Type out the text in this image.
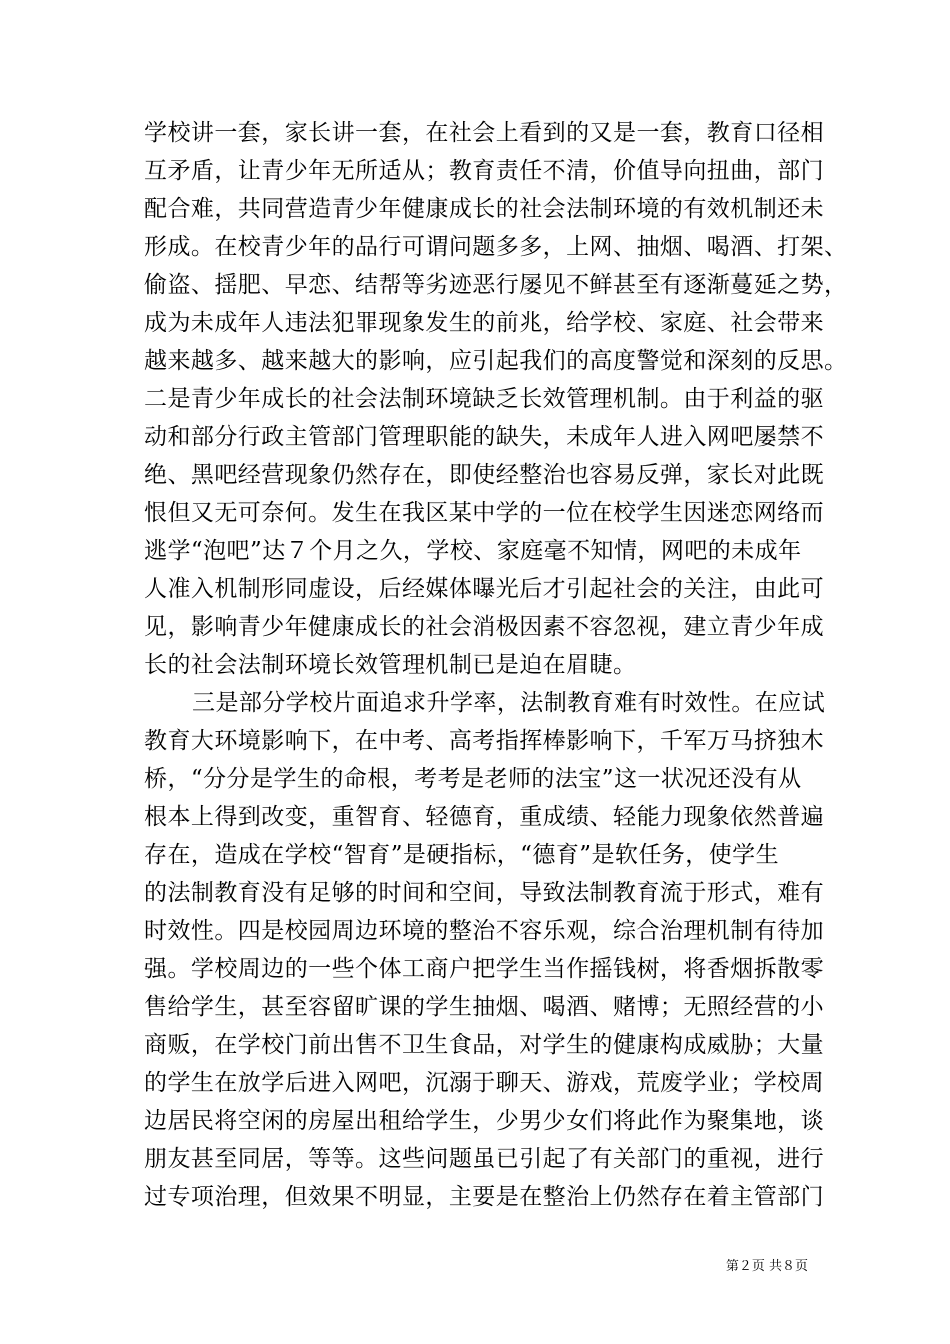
学校讲一套，家长讲一套，在社会上看到的又是一套，教育口径相
互矛盾，让青少年无所适从；教育责任不清，价值导向扭曲，部门
配合难，共同营造青少年健康成长的社会法制环境的有效机制还未
形成。在校青少年的品行可谓问题多多，上网、抽烟、喝酒、打架、
偷盗、揺肥、早恋、结帮等劣迹恶行屡见不鲜甚至有逐渐蔓延之势，
成为未成年人违法犯罪现象发生的前兆，给学校、家庭、社会带来
越来越多、越来越大的影响，应引起我们的高度警觉和深刻的反思。
二是青少年成长的社会法制环境缺乏长效管理机制。由于利益的驱
动和部分行政主管部门管理职能的缺失，未成年人进入网吧屡禁不
绝、黑吧经营现象仍然存在，即使经整治也容易反弹，家长对此既
恨但又无可奈何。发生在我区某中学的一位在校学生因迷恋网络而
逃学“泡吧”达７个月之久，学校、家庭毫不知情，网吧的未成年
人准入机制形同虚设，后经媒体曝光后才引起社会的关注，由此可
见，影响青少年健康成长的社会消极因素不容忽视，建立青少年成
长的社会法制环境长效管理机制已是迫在眉睫。
三是部分学校片面追求升学率，法制教育难有时效性。在应试
教育大环境影响下，在中考、高考指挥棒影响下，千军万马挤独木
桥，“分分是学生的命根，考考是老师的法宝”这一状况还没有从
根本上得到改变，重智育、轻德育，重成绩、轻能力现象依然普遍
存在，造成在学校“智育”是硬指标，“德育”是软任务，使学生
的法制教育没有足够的时间和空间，导致法制教育流于形式，难有
时效性。四是校园周边环境的整治不容乐观，综合治理机制有待加
强。学校周边的一些个体工商户把学生当作摇钱树，将香烟拆散零
售给学生，甚至容留旷课的学生抽烟、喝酒、赌博；无照经营的小
商贩，在学校门前出售不卫生食品，对学生的健康构成威胁；大量
的学生在放学后进入网吧，沉溺于聊天、游戏，荒废学业；学校周
边居民将空闲的房屋出租给学生，少男少女们将此作为聚集地，谈
朋友甚至同居，等等。这些问题虽已引起了有关部门的重视，进行
过专项治理，但效果不明显，主要是在整治上仍然存在着主管部门
第２页 共８页
